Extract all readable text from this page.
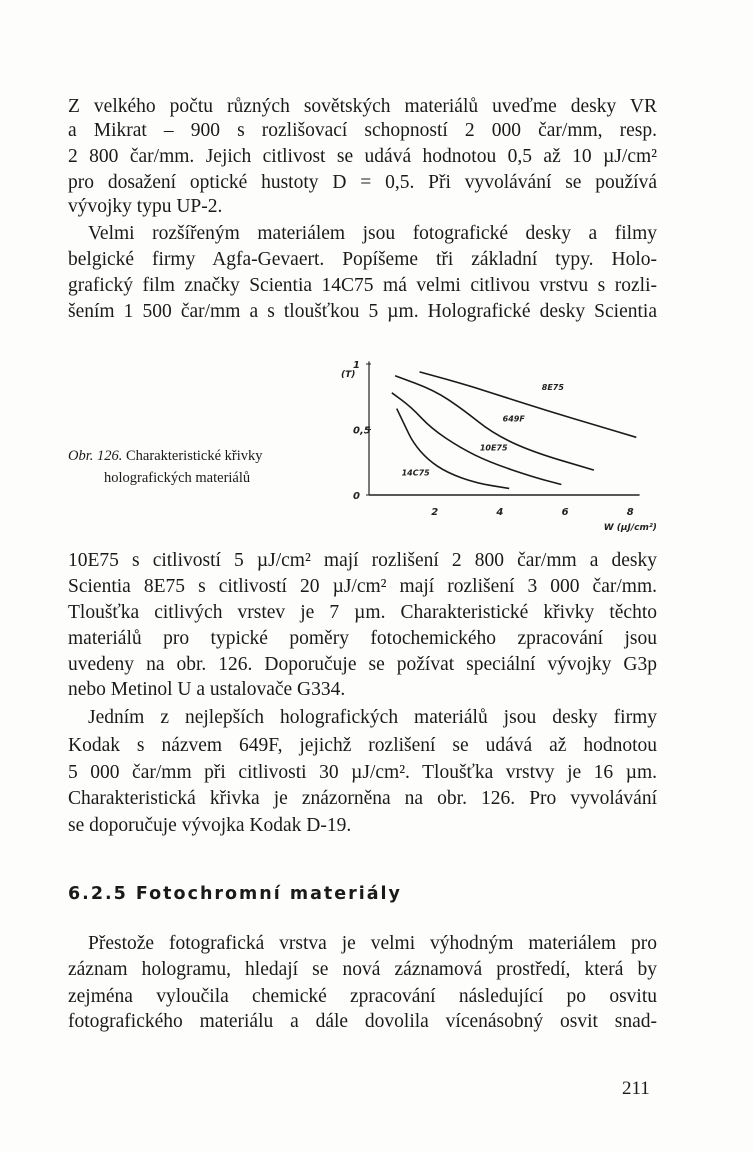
Z velkého počtu různých sovětských materiálů uveďme desky VR
a Mikrat – 900 s rozlišovací schopností 2 000 čar/mm, resp.
2 800 čar/mm. Jejich citlivost se udává hodnotou 0,5 až 10 µJ/cm²
pro dosažení optické hustoty D = 0,5. Při vyvolávání se používá
vývojky typu UP-2.
Velmi rozšířeným materiálem jsou fotografické desky a filmy
belgické firmy Agfa-Gevaert. Popíšeme tři základní typy. Holo-
grafický film značky Scientia 14C75 má velmi citlivou vrstvu s rozli-
šením 1 500 čar/mm a s tloušťkou 5 µm. Holografické desky Scientia
10E75 s citlivostí 5 µJ/cm² mají rozlišení 2 800 čar/mm a desky
Scientia 8E75 s citlivostí 20 µJ/cm² mají rozlišení 3 000 čar/mm.
Tloušťka citlivých vrstev je 7 µm. Charakteristické křivky těchto
materiálů pro typické poměry fotochemického zpracování jsou
uvedeny na obr. 126. Doporučuje se požívat speciální vývojky G3p
nebo Metinol U a ustalovače G334.
Jedním z nejlepších holografických materiálů jsou desky firmy
Kodak s názvem 649F, jejichž rozlišení se udává až hodnotou
5 000 čar/mm při citlivosti 30 µJ/cm². Tloušťka vrstvy je 16 µm.
Charakteristická křivka je znázorněna na obr. 126. Pro vyvolávání
se doporučuje vývojka Kodak D-19.
Přestože fotografická vrstva je velmi výhodným materiálem pro
záznam hologramu, hledají se nová záznamová prostředí, která by
zejména vyloučila chemické zpracování následující po osvitu
fotografického materiálu a dále dovolila vícenásobný osvit snad-
Obr. 126. Charakteristické křivky
holografických materiálů
2	4	6	8
0
0,5
1
(T)
W (µJ/cm²)
8E75
649F
10E75
14C75
6.2.5 Fotochromní materiály
211
